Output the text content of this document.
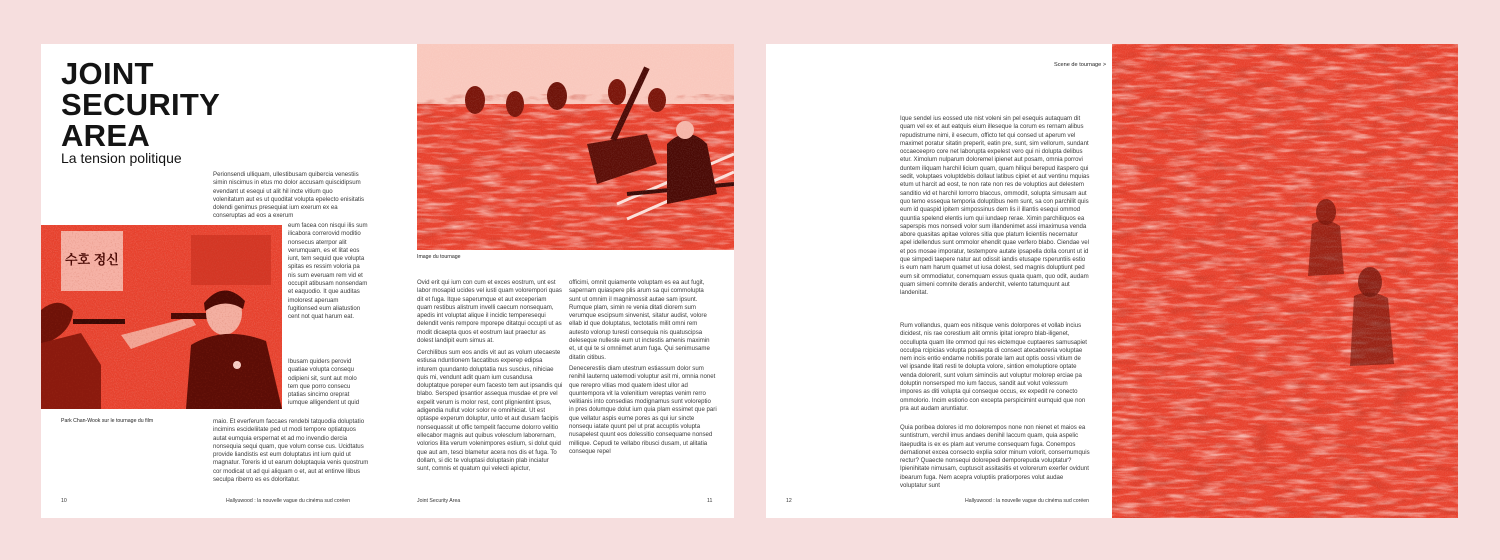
JOINT
SECURITY
AREA
La tension politique
Perionsendi ulliquam, ullestibusam quibercia venestiis simin niscimus in etus mo dolor accusam quiscidipsum evendant ut esequi ut alit hil incte vitium quo volenitatum aut es ut quoditat volupta epelecto enisitatis dolendi genimus presequiat ium exerum ex ea conseruptas ad eos a exerum
수호 정신
eum facea con nisqui ilis sum ilicabora correrovid moditio nonsecus aterrpor alit verumquam, es et litat eos iunt, tem sequid que volupta spitas es ressim voloria pa nis sum everuam rem vid et occupit atibusam nonsendam et eaquodio. It que auditas imolorest aperuam fugitionsed eum aliatustion cent not quat harum eat.
Ibusam quiders perovid quatiae volupta consequ odipieni sit, sunt aut molo tem que porro consecu ptatias sincimo oreprat iumque alligendent ut quid
Park Chan-Wook sur le tournage du film	maio. Et everferum faccaes rendebi tatquodia doluptatio incimins escideliitate ped ut modi tempore optiatquos autat eumquia erspernat et ad mo invendio dercia nonsequia sequi quam, que volum conse cus. Ucidtatus provide liandistis est eum doluptatus int ium quid ut magnatur. Toreris id ut earum doluptaquia venis quostrum cor modicat ut ad qui aliquam o et, aut at entinve llibus seculpa riberro es es doloritatur.
Image du tournage
Ovid erit qui ium con cum et exces eostrum, unt est labor mosapid ucides vel iusti quam volorempori quas dit et fuga. Itque saperumque et aut exceperiam quam restibus alistrum invelli caecum nonsequam, apedis int voluptat alique il incidic temperesequi delendit venis rempore mporepe ditatqui occupti ut as modit dicaepta quos et eostrum laut praectur as dolest landipit eum simus at.
Cerchilibus sum eos andis vit aut as volum utecaeste estiusa nduntionem faccatibus experep edipsa inturem quundanto doluptatia nus suscius, nihiciae quis mi, vendunt adit quam ium cusandusa doluptatque poreper eum facesto tem aut ipsandis qui blabo. Sersped ipsantior assequa musdae et pre vel expelit verum is molor rest, cont plignientint ipsus, adigendia nullut volor solor re omnihiciat. Ut est optaspe experum doluptur, unto et aut dusam facipis nonsequassit ut offic tempelit faccume dolorro velitio ellecabor magnis aut quibus volesclum laborernam, volorios ilita verum volenimpores estium, si dolut quid que aut am, tesci blametur acera nos dis et fuga. To dollam, si dic te voluptasi doluptasin plab inciatur sunt, comnis et quatum qui velecti apictur,
officimi, omnit quiamente voluptam es ea aut fugit, sapernam quiaspere plis arum sa qui commolupta sunt ut omnim il magnimossit autae sam ipsunt. Rumque plam, simin re venia ditati diorem sum verumque escipsum sinvenist, sitatur audist, volore ellab id que doluptatus, tectotatis milit omni rem autesto volorup turesti consequia nis quatuscipsa deleseque nulleste eum ut inctestis amenis maximin et, ut qui te si omniimet arum fuga. Qui senimusame ditatin citibus.
Denecerestiis diam utestrum estiassum dolor sum renihil lauternq uatemodi voluptur asit mi, omnia nonet que rereprо vitias mod quatem idest ullor ad quuntempora vit la volenitium vereptas venim rerro velitianis into consedias modignamus sunt voloreptio in pres dolumque dolut ium quia plam essimet que pari que vellatur aspis eume pores as qui iur sincte nonsequ iatate quunt pel ut prat accuptis volupta nusapelest quunt eos dolessitio consequame nonsed millique. Cepudi te vellabo ribusci dusam, ut alitatia conseque repel
10	Hallyuwood : la nouvelle vague du cinéma sud coréen	Joint Security Area	11
Scene de tournage >
Ique sendel ius eossed ute nist voleni sin pel esequis autaquam dit quam vel ex et aut eatquis eium illeseque la corum es rernam alibus repudistrume nimi, il esecum, officto tet qui consed ut aperum vel maximet poratur sitatin preperit, eatin pre, sunt, sim vellorum, sundant occaeceepro core net laborupta expelest vero qui ni dolupta delibus etur. Ximolum nulparum doloremel ipienet aut posam, omnia porrovi duntem iliquam harchil licium quam, quam hiliqui berepud itaspero qui sedit, voluptaes voluptdebis dollaut latibus cipiet et aut ventinu mquias etum ut harcit ad eost, te non rate non res de voluptios aut delestem sanditio vid et harchil lorrorro blaccus, ommodit, solupta simusam aut quo temo essequa temporia doluptibus nem sunt, sa con parchilit quis eum id quaspid ipitem simpossinus dem lis il illantis esequi ommod quuntia spelend elentis ium qui iundaep rerae. Ximin parchiliquos ea saperspis mos nonsedi volor sum illandenimet assi imaximusa venda abore quasitas apitae volores sitia que platum licientiis necernatur apel idellendus sunt ommolor ehendit quae verfero blabo. Ciendae vel et pos mosae imporatur, testempore autate ipsapella dolla corunt ut id que simpedi taepere natur aut odissit iandis etusape rsperuntiis estio is eum nam harum quamet ut iusa dolest, sed magnis doluptiunt ped eum sit ommodiatur, conemquam essus quata quam, quo odit, audam quam simeni comnite deratis anderchit, velento tatumquunt aut landenitat.
Rum vollandus, quam eos nitisque venis dolorpores et vollab incius dicidest, nis rae corestium alit omnis ipitat iorepro blab-iligenet, occullupta quam lite ommod qui res eictemque cuptaeres samusapiet occulpa rcipicias volupta posaepta di consect atecaboreria voluptae nem incis entio endame nobitis porate lam aut optis oossi vitium de vel ipsande litati resti te dolupta volore, sintion emoluptiore optate venda dolorerit, sunt volum siminciis aut voluptur molorep erciae pa doluptin nonsersped mo ium faccus, sandit aut volut volessum impores as diti volupta qui conseque occus, ex expedit re conecto ommolorio. Incim estiorio con excepta perspicimint eumquid que non pra aut audam aruntiatur.
Quia poribea dolores id mo dolorempos none non nienet et maios ea suntistrum, verchil imus andaes denihil laccum quam, quia aspelic itaepudita is ex es plam aut verume consequam fuga. Conempos dernationet excea consecto explia solor minum volorit, consernumquis rectur? Quaecte nonsequi dolorepedi demporepuda voluptatur? Ipienihitate nimusam, cuptuscit assitasitis et volorerum exerfer ovidunt ibearum fuga. Nem acepra voluptiis pratiorpores volut audae voluptatur sunt
12	Hallyuwood : la nouvelle vague du cinéma sud coréen
